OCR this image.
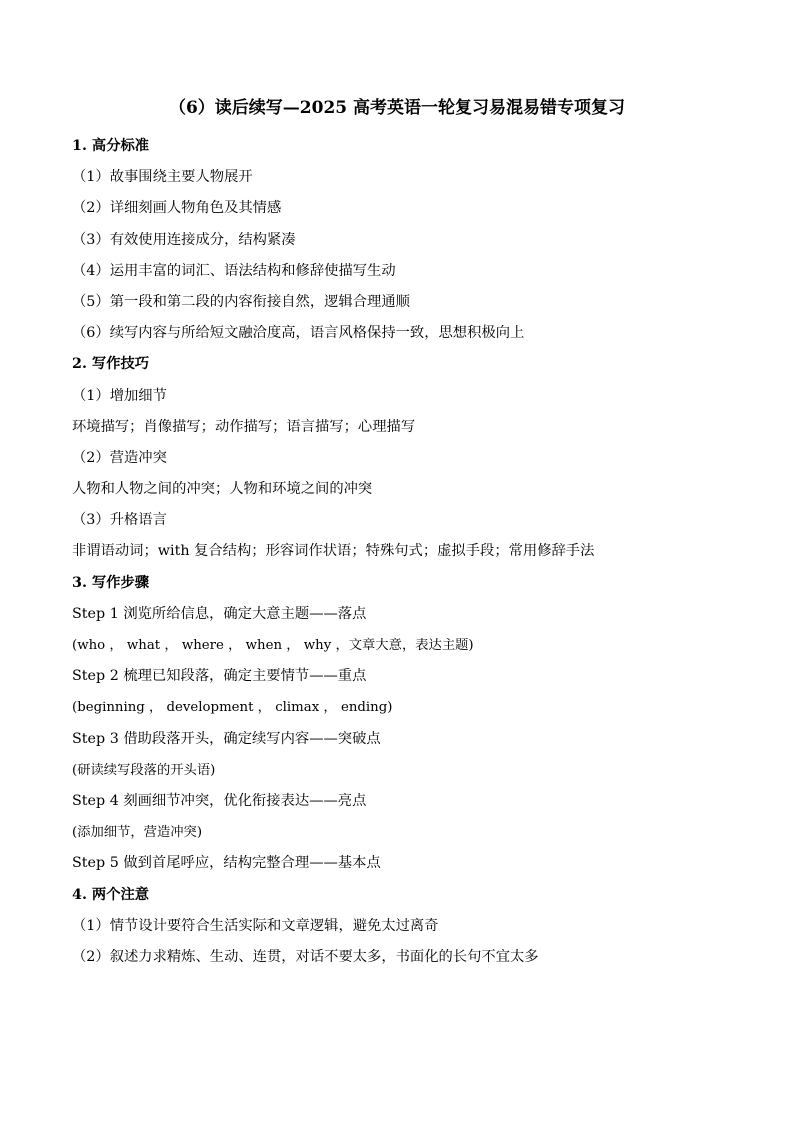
（6）读后续写—2025 高考英语一轮复习易混易错专项复习
1. 高分标准
（1）故事围绕主要人物展开
（2）详细刻画人物角色及其情感
（3）有效使用连接成分，结构紧凑
（4）运用丰富的词汇、语法结构和修辞使描写生动
（5）第一段和第二段的内容衔接自然，逻辑合理通顺
（6）续写内容与所给短文融洽度高，语言风格保持一致，思想积极向上
2. 写作技巧
（1）增加细节
环境描写；肖像描写；动作描写；语言描写；心理描写
（2）营造冲突
人物和人物之间的冲突；人物和环境之间的冲突
（3）升格语言
非谓语动词；with 复合结构；形容词作状语；特殊句式；虚拟手段；常用修辞手法
3. 写作步骤
Step 1 浏览所给信息，确定大意主题——落点
(who ， what ， where ， when ， why ，文章大意，表达主题)
Step 2 梳理已知段落，确定主要情节——重点
(beginning ， development ， climax ， ending)
Step 3 借助段落开头，确定续写内容——突破点
(研读续写段落的开头语)
Step 4 刻画细节冲突，优化衔接表达——亮点
(添加细节，营造冲突)
Step 5 做到首尾呼应，结构完整合理——基本点
4. 两个注意
（1）情节设计要符合生活实际和文章逻辑，避免太过离奇
（2）叙述力求精炼、生动、连贯，对话不要太多，书面化的长句不宜太多
